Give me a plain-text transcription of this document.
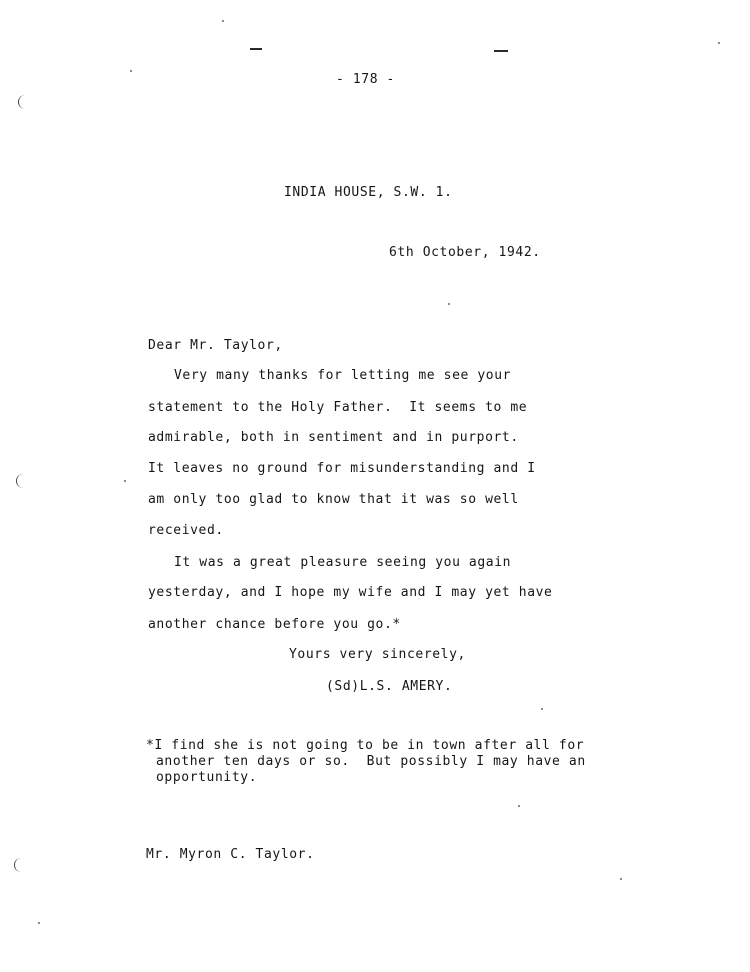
- 178 -
INDIA HOUSE, S.W. 1.
6th October, 1942.
Dear Mr. Taylor,
Very many thanks for letting me see your
statement to the Holy Father.  It seems to me
admirable, both in sentiment and in purport.
It leaves no ground for misunderstanding and I
am only too glad to know that it was so well
received.
It was a great pleasure seeing you again
yesterday, and I hope my wife and I may yet have
another chance before you go.*
Yours very sincerely,
(Sd)L.S. AMERY.
*I find she is not going to be in town after all for
another ten days or so.  But possibly I may have an
opportunity.
Mr. Myron C. Taylor.
